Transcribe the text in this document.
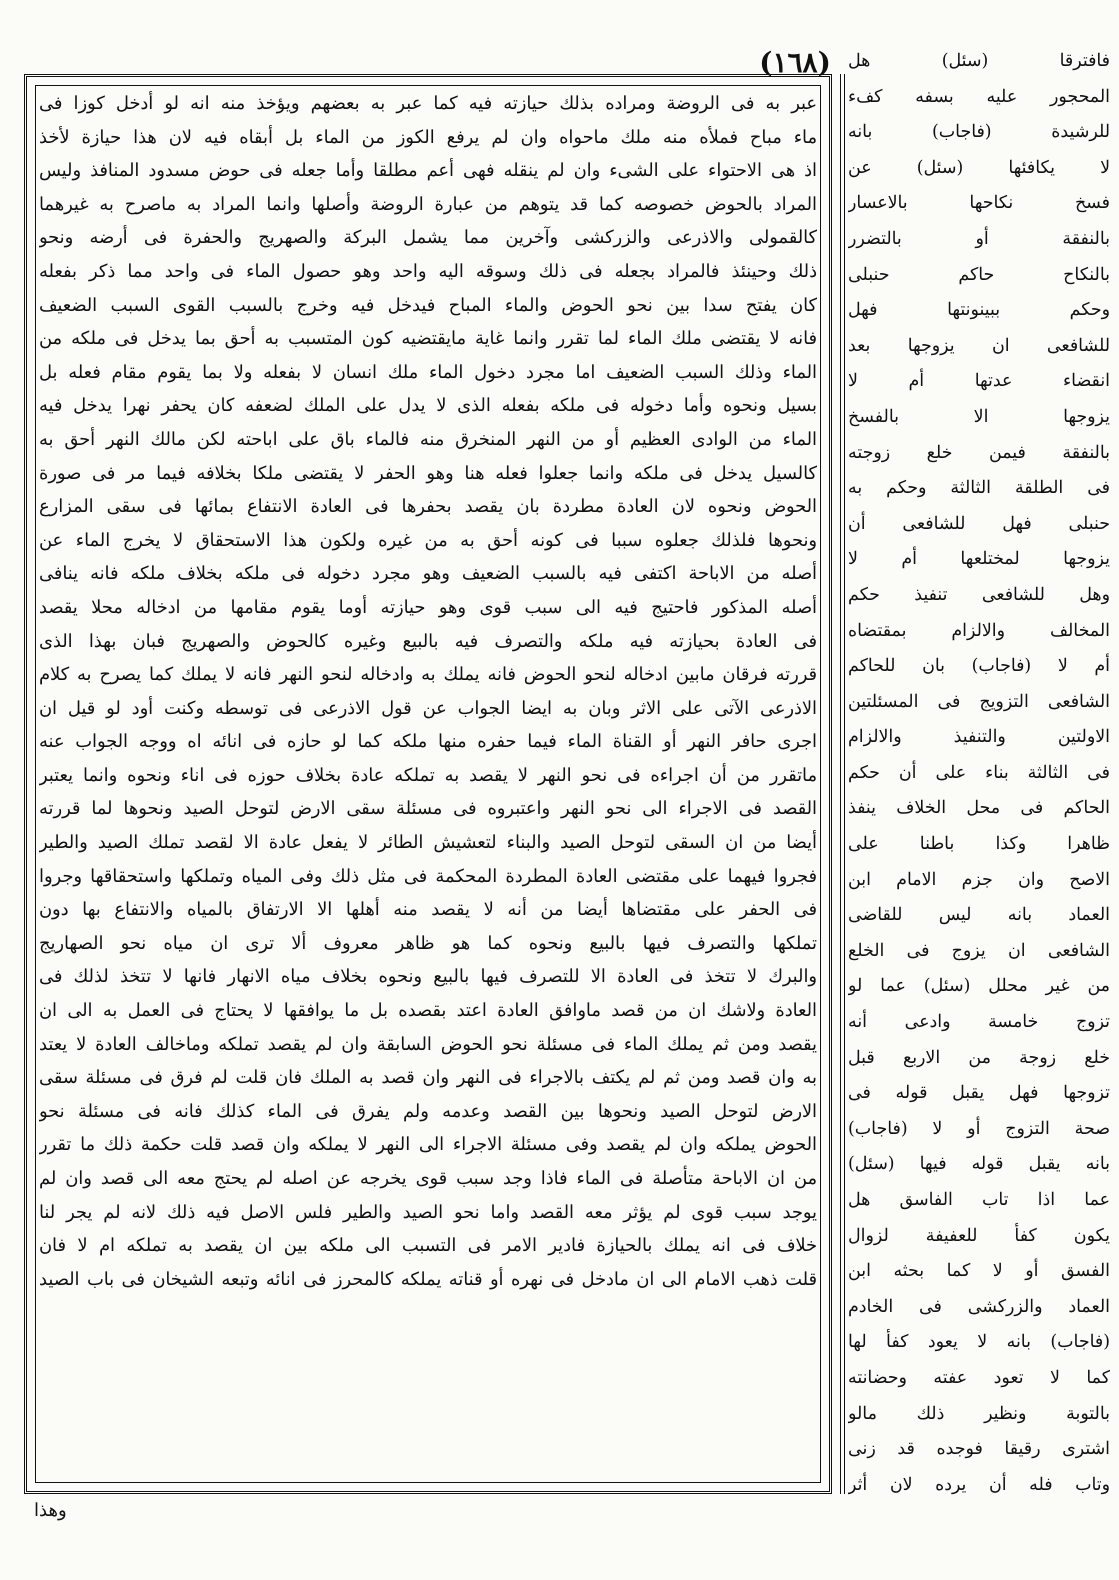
(١٦٨)
عبر به فى الروضة ومراده بذلك حيازته فيه كما عبر به بعضهم ويؤخذ منه انه لو أدخل كوزا فى
ماء مباح فملأه منه ملك ماحواه وان لم يرفع الكوز من الماء بل أبقاه فيه لان هذا حيازة لأخذ
اذ هى الاحتواء على الشىء وان لم ينقله فهى أعم مطلقا وأما جعله فى حوض مسدود المنافذ وليس
المراد بالحوض خصوصه كما قد يتوهم من عبارة الروضة وأصلها وانما المراد به ماصرح به غيرهما
كالقمولى والاذرعى والزركشى وآخرين مما يشمل البركة والصهريج والحفرة فى أرضه ونحو
ذلك وحينئذ فالمراد بجعله فى ذلك وسوقه اليه واحد وهو حصول الماء فى واحد مما ذكر بفعله
كان يفتح سدا بين نحو الحوض والماء المباح فيدخل فيه وخرج بالسبب القوى السبب الضعيف
فانه لا يقتضى ملك الماء لما تقرر وانما غاية مايقتضيه كون المتسبب به أحق بما يدخل فى ملكه من
الماء وذلك السبب الضعيف اما مجرد دخول الماء ملك انسان لا بفعله ولا بما يقوم مقام فعله بل
بسيل ونحوه وأما دخوله فى ملكه بفعله الذى لا يدل على الملك لضعفه كان يحفر نهرا يدخل فيه
الماء من الوادى العظيم أو من النهر المنخرق منه فالماء باق على اباحته لكن مالك النهر أحق به
كالسيل يدخل فى ملكه وانما جعلوا فعله هنا وهو الحفر لا يقتضى ملكا بخلافه فيما مر فى صورة
الحوض ونحوه لان العادة مطردة بان يقصد بحفرها فى العادة الانتفاع بمائها فى سقى المزارع
ونحوها فلذلك جعلوه سببا فى كونه أحق به من غيره ولكون هذا الاستحقاق لا يخرج الماء عن
أصله من الاباحة اكتفى فيه بالسبب الضعيف وهو مجرد دخوله فى ملكه بخلاف ملكه فانه ينافى
أصله المذكور فاحتيج فيه الى سبب قوى وهو حيازته أوما يقوم مقامها من ادخاله محلا يقصد
فى العادة بحيازته فيه ملكه والتصرف فيه بالبيع وغيره كالحوض والصهريج فبان بهذا الذى
قررته فرقان مابين ادخاله لنحو الحوض فانه يملك به وادخاله لنحو النهر فانه لا يملك كما يصرح به كلام
الاذرعى الآتى على الاثر وبان به ايضا الجواب عن قول الاذرعى فى توسطه وكنت أود لو قيل ان
اجرى حافر النهر أو القناة الماء فيما حفره منها ملكه كما لو حازه فى انائه اه ووجه الجواب عنه
ماتقرر من أن اجراءه فى نحو النهر لا يقصد به تملكه عادة بخلاف حوزه فى اناء ونحوه وانما يعتبر
القصد فى الاجراء الى نحو النهر واعتبروه فى مسئلة سقى الارض لتوحل الصيد ونحوها لما قررته
أيضا من ان السقى لتوحل الصيد والبناء لتعشيش الطائر لا يفعل عادة الا لقصد تملك الصيد والطير
فجروا فيهما على مقتضى العادة المطردة المحكمة فى مثل ذلك وفى المياه وتملكها واستحقاقها وجروا
فى الحفر على مقتضاها أيضا من أنه لا يقصد منه أهلها الا الارتفاق بالمياه والانتفاع بها دون
تملكها والتصرف فيها بالبيع ونحوه كما هو ظاهر معروف ألا ترى ان مياه نحو الصهاريج
والبرك لا تتخذ فى العادة الا للتصرف فيها بالبيع ونحوه بخلاف مياه الانهار فانها لا تتخذ لذلك فى
العادة ولاشك ان من قصد ماوافق العادة اعتد بقصده بل ما يوافقها لا يحتاج فى العمل به الى ان
يقصد ومن ثم يملك الماء فى مسئلة نحو الحوض السابقة وان لم يقصد تملكه وماخالف العادة لا يعتد
به وان قصد ومن ثم لم يكتف بالاجراء فى النهر وان قصد به الملك فان قلت لم فرق فى مسئلة سقى
الارض لتوحل الصيد ونحوها بين القصد وعدمه ولم يفرق فى الماء كذلك فانه فى مسئلة نحو
الحوض يملكه وان لم يقصد وفى مسئلة الاجراء الى النهر لا يملكه وان قصد قلت حكمة ذلك ما تقرر
من ان الاباحة متأصلة فى الماء فاذا وجد سبب قوى يخرجه عن اصله لم يحتج معه الى قصد وان لم
يوجد سبب قوى لم يؤثر معه القصد واما نحو الصيد والطير فلس الاصل فيه ذلك لانه لم يجر لنا
خلاف فى انه يملك بالحيازة فادير الامر فى التسبب الى ملكه بين ان يقصد به تملكه ام لا فان
قلت ذهب الامام الى ان مادخل فى نهره أو قناته يملكه كالمحرز فى انائه وتبعه الشيخان فى باب الصيد
فافترقا (سئل) هل
المحجور عليه بسفه كفء
للرشيدة (فاجاب) بانه
لا يكافئها (سئل) عن
فسخ نكاحها بالاعسار
بالنفقة أو بالتضرر
بالنكاح حاكم حنبلى
وحكم ببينونتها فهل
للشافعى ان يزوجها بعد
انقضاء عدتها أم لا
يزوجها الا بالفسخ
بالنفقة فيمن خلع زوجته
فى الطلقة الثالثة وحكم به
حنبلى فهل للشافعى أن
يزوجها لمختلعها أم لا
وهل للشافعى تنفيذ حكم
المخالف والالزام بمقتضاه
أم لا (فاجاب) بان للحاكم
الشافعى التزويج فى المسئلتين
الاولتين والتنفيذ والالزام
فى الثالثة بناء على أن حكم
الحاكم فى محل الخلاف ينفذ
ظاهرا وكذا باطنا على
الاصح وان جزم الامام ابن
العماد بانه ليس للقاضى
الشافعى ان يزوج فى الخلع
من غير محلل (سئل) عما لو
تزوج خامسة وادعى أنه
خلع زوجة من الاربع قبل
تزوجها فهل يقبل قوله فى
صحة التزوج أو لا (فاجاب)
بانه يقبل قوله فيها (سئل)
عما اذا تاب الفاسق هل
يكون كفأ للعفيفة لزوال
الفسق أو لا كما بحثه ابن
العماد والزركشى فى الخادم
(فاجاب) بانه لا يعود كفأ لها
كما لا تعود عفته وحضانته
بالتوبة ونظير ذلك مالو
اشترى رقيقا فوجده قد زنى
وتاب فله أن يرده لان أثر
وهذا
